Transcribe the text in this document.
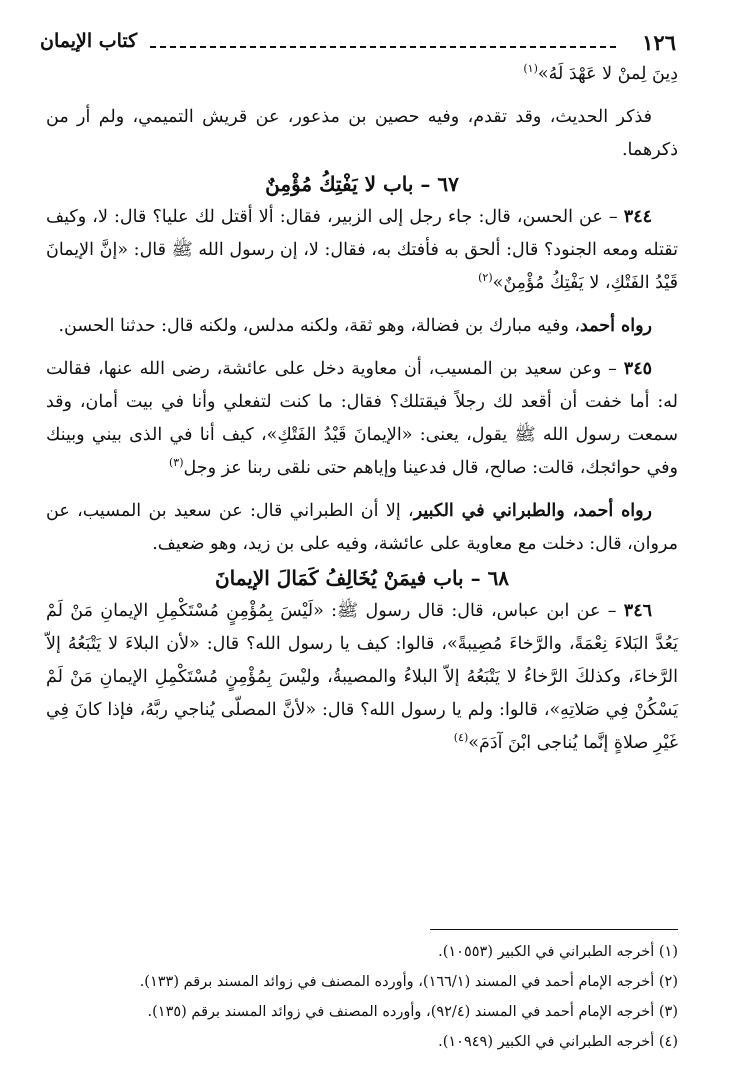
١٢٦
كتاب الإيمان

دِينَ لِمنْ لا عَهْدَ لَهُ»$^{(١)}$

فذكر الحديث، وقد تقدم، وفيه حصين بن مذعور، عن قريش التميمي، ولم أر من ذكرهما.

٦٧ – باب لا يَفْتِكُ مُؤْمِنٌ

٣٤٤ – عن الحسن، قال: جاء رجل إلى الزبير، فقال: ألا أقتل لك عليا؟ قال: لا، وكيف تقتله ومعه الجنود؟ قال: ألحق به فأفتك به، فقال: لا، إن رسول الله ﷺ قال: «إنَّ الإيمانَ قَيْدُ الفَتْكِ، لا يَفْتِكُ مُؤْمِنٌ»$^{(٢)}$

رواه أحمد، وفيه مبارك بن فضالة، وهو ثقة، ولكنه مدلس، ولكنه قال: حدثنا الحسن.

٣٤٥ – وعن سعيد بن المسيب، أن معاوية دخل على عائشة، رضى الله عنها، فقالت له: أما خفت أن أقعد لك رجلاً فيقتلك؟ فقال: ما كنت لتفعلي وأنا في بيت أمان، وقد سمعت رسول الله ﷺ يقول، يعنى: «الإيمانَ قَيْدُ الفَتْكِ»، كيف أنا في الذى بيني وبينك وفي حوائجك، قالت: صالح، قال فدعينا وإياهم حتى نلقى ربنا عز وجل$^{(٣)}$

رواه أحمد، والطبراني في الكبير، إلا أن الطبراني قال: عن سعيد بن المسيب، عن مروان، قال: دخلت مع معاوية على عائشة، وفيه على بن زيد، وهو ضعيف.

٦٨ – باب فيمَنْ يُخَالِفُ كَمَالَ الإيمانَ

٣٤٦ – عن ابن عباس، قال: قال رسول ﷺ: «لَيْسَ بِمُؤْمِنٍ مُسْتَكْمِلِ الإيمانِ مَنْ لَمْ يَعُدَّ البَلاءَ نِعْمَةً، والرَّخاءَ مُصِيبةً»، قالوا: كيف يا رسول الله؟ قال: «لأن البلاءَ لا يَتْبَعُهُ إلاّ الرَّخاءَ، وكذلكَ الرَّخاءُ لا يَتْبَعُهُ إلاّ البلاءُ والمصيبةُ، وليْسَ بِمُؤْمِنٍ مُسْتَكْمِلِ الإيمانِ مَنْ لَمْ يَسْكُنْ فِي صَلاتِهِ»، قالوا: ولم يا رسول الله؟ قال: «لأنَّ المصلّى يُناجي ربَّهُ، فإذا كانَ فِي غَيْرِ صلاةٍ إنَّما يُناجى ابْنَ آدَمَ»$^{(٤)}$

(١) أخرجه الطبراني في الكبير (١٠٥٥٣).

(٢) أخرجه الإمام أحمد في المسند (١٦٦/١)، وأورده المصنف في زوائد المسند برقم (١٣٣).

(٣) أخرجه الإمام أحمد في المسند (٩٢/٤)، وأورده المصنف في زوائد المسند برقم (١٣٥).

(٤) أخرجه الطبراني في الكبير (١٠٩٤٩).
